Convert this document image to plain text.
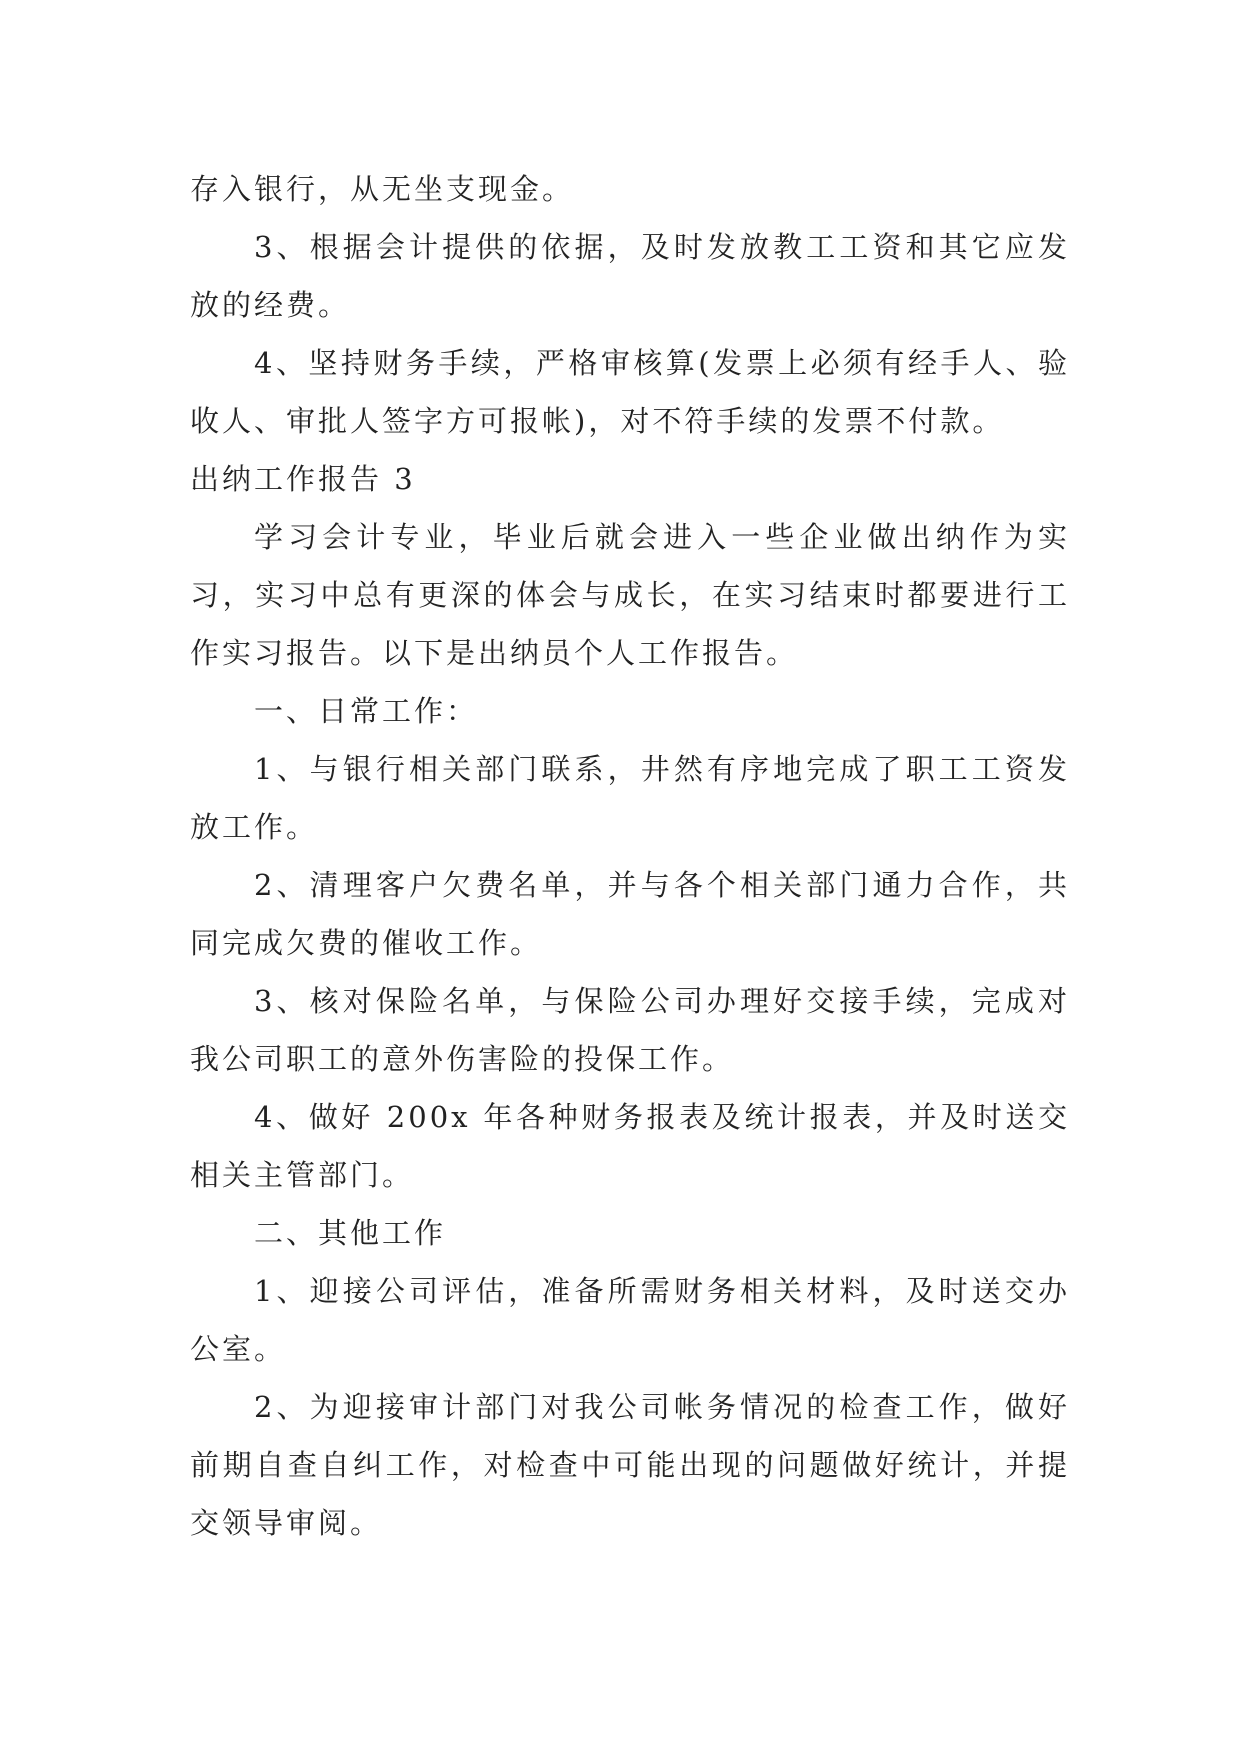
存入银行，从无坐支现金。

3、根据会计提供的依据，及时发放教工工资和其它应发放的经费。

4、坚持财务手续，严格审核算(发票上必须有经手人、验收人、审批人签字方可报帐)，对不符手续的发票不付款。

出纳工作报告 3

学习会计专业，毕业后就会进入一些企业做出纳作为实习，实习中总有更深的体会与成长，在实习结束时都要进行工作实习报告。以下是出纳员个人工作报告。

一、日常工作：

1、与银行相关部门联系，井然有序地完成了职工工资发放工作。

2、清理客户欠费名单，并与各个相关部门通力合作，共同完成欠费的催收工作。

3、核对保险名单，与保险公司办理好交接手续，完成对我公司职工的意外伤害险的投保工作。

4、做好 200x 年各种财务报表及统计报表，并及时送交相关主管部门。

二、其他工作

1、迎接公司评估，准备所需财务相关材料，及时送交办公室。

2、为迎接审计部门对我公司帐务情况的检查工作，做好前期自查自纠工作，对检查中可能出现的问题做好统计，并提交领导审阅。
